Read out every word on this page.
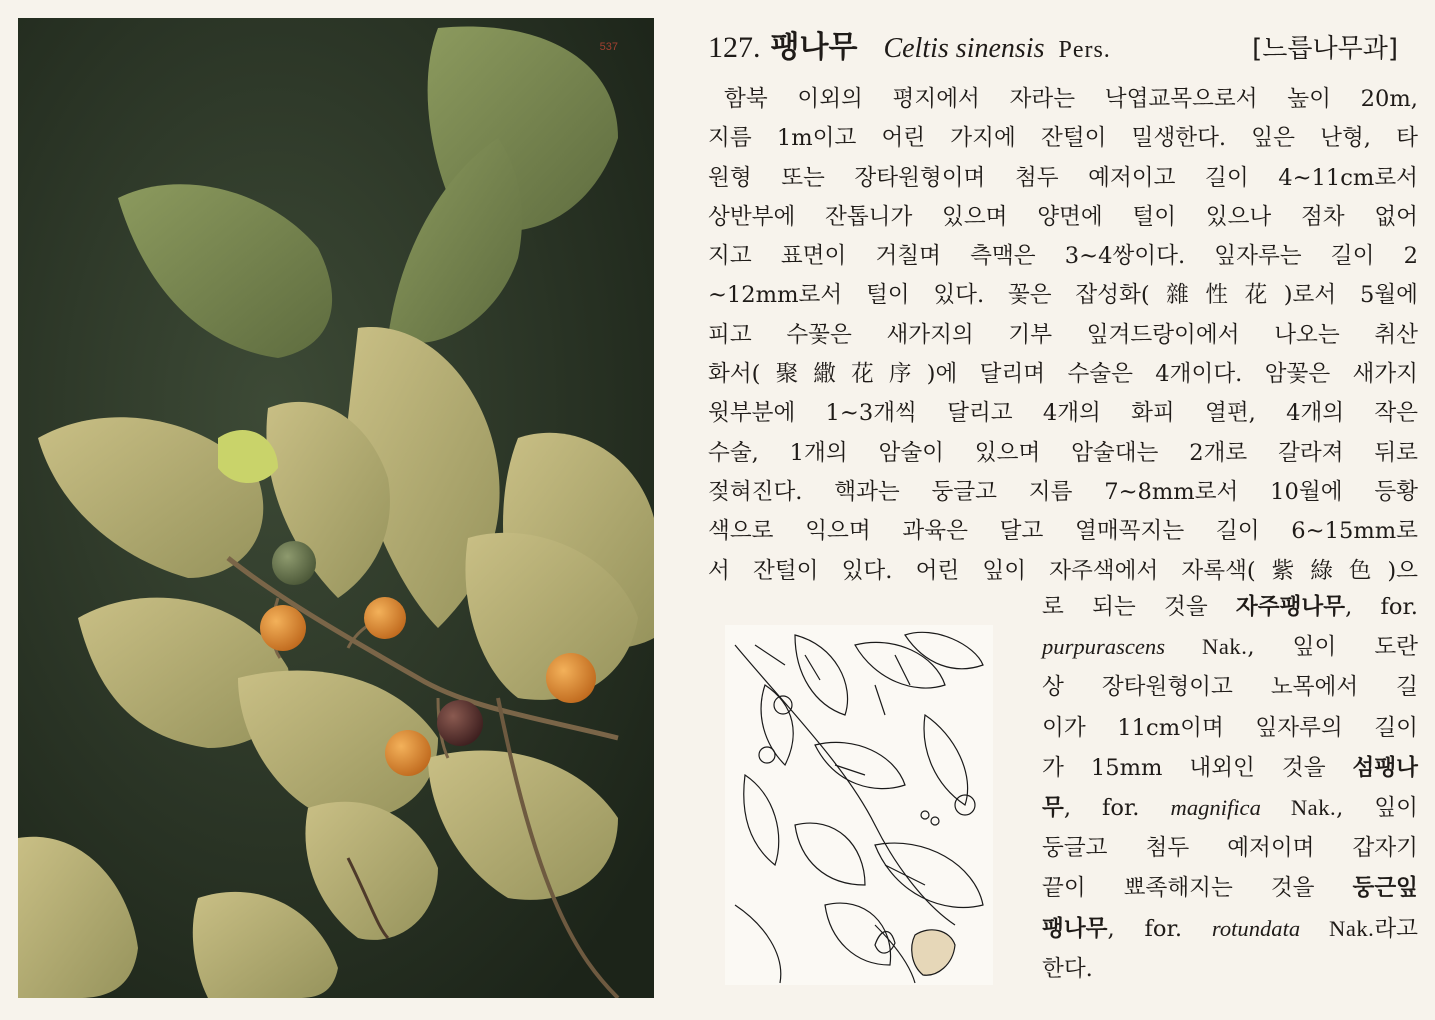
537	127. 팽나무 Celtis sinensis Pers.	[느릅나무과]
함북 이외의 평지에서 자라는 낙엽교목으로서 높이 20m,
지름 1m이고 어린 가지에 잔털이 밀생한다. 잎은 난형, 타
원형 또는 장타원형이며 첨두 예저이고 길이 4~11cm로서
상반부에 잔톱니가 있으며 양면에 털이 있으나 점차 없어
지고 표면이 거칠며 측맥은 3~4쌍이다. 잎자루는 길이 2
~12mm로서 털이 있다. 꽃은 잡성화(雜性花)로서 5월에
피고 수꽃은 새가지의 기부 잎겨드랑이에서 나오는 취산
화서(聚繖花序)에 달리며 수술은 4개이다. 암꽃은 새가지
윗부분에 1~3개씩 달리고 4개의 화피 열편, 4개의 작은
수술, 1개의 암술이 있으며 암술대는 2개로 갈라져 뒤로
젖혀진다. 핵과는 둥글고 지름 7~8mm로서 10월에 등황
색으로 익으며 과육은 달고 열매꼭지는 길이 6~15mm로
서 잔털이 있다. 어린 잎이 자주색에서 자록색(紫綠色)으
로 되는 것을 자주팽나무, for.
purpurascens Nak., 잎이 도란
상 장타원형이고 노목에서 길
이가 11cm이며 잎자루의 길이
가 15mm 내외인 것을 섬팽나
무, for. magnifica Nak., 잎이
둥글고 첨두 예저이며 갑자기
끝이 뾰족해지는 것을 둥근잎
팽나무, for. rotundata Nak.라고
한다.
